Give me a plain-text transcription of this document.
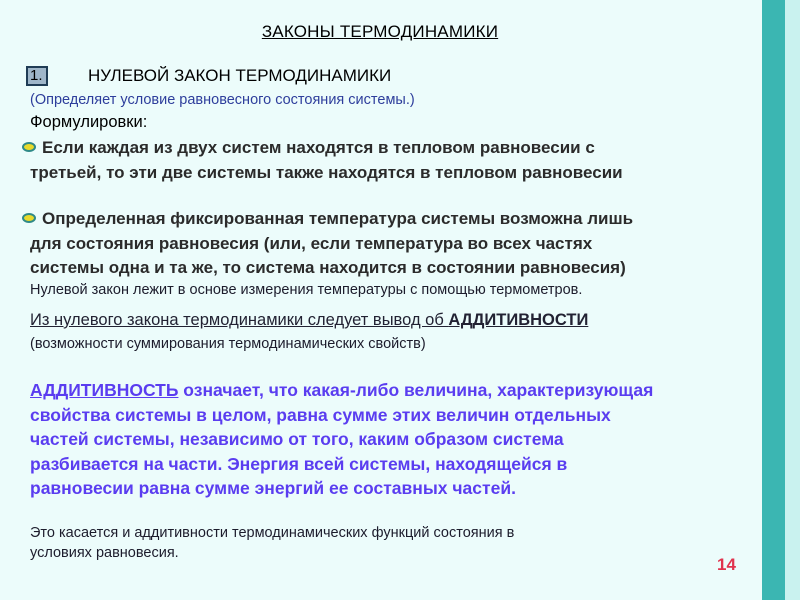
ЗАКОНЫ ТЕРМОДИНАМИКИ
1.	НУЛЕВОЙ ЗАКОН ТЕРМОДИНАМИКИ
(Определяет условие равновесного состояния системы.)
Формулировки:
Если каждая из двух систем находятся в тепловом равновесии с
третьей, то эти две системы также находятся в тепловом равновесии
Определенная фиксированная температура системы возможна лишь
для состояния равновесия (или, если температура во всех частях
системы одна и та же, то система находится в состоянии равновесия)
Нулевой закон лежит в основе измерения температуры с помощью термометров.
Из нулевого закона термодинамики следует вывод об АДДИТИВНОСТИ
(возможности суммирования термодинамических свойств)
АДДИТИВНОСТЬ означает, что какая-либо величина, характеризующая
свойства системы в целом, равна сумме этих величин отдельных
частей системы, независимо от того, каким образом система
разбивается на части. Энергия всей системы, находящейся в
равновесии равна сумме энергий ее составных частей.
Это касается и аддитивности термодинамических функций состояния в
условиях равновесия.
14
